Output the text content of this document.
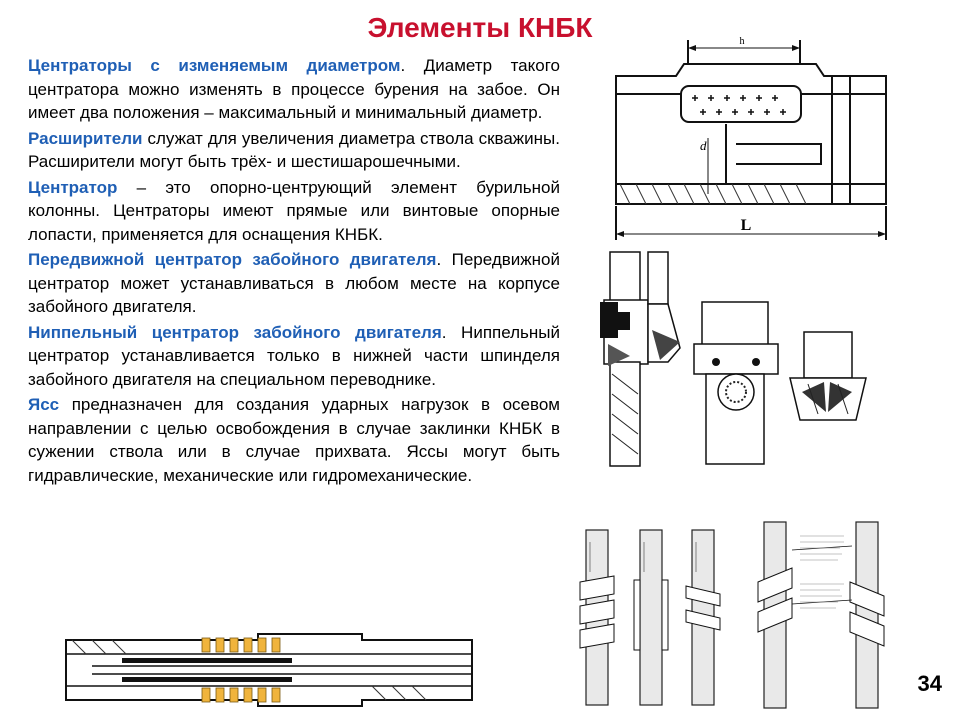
Элементы КНБК

Центраторы с изменяемым диаметром. Диаметр такого центратора можно изменять в процессе бурения на забое. Он имеет два положения – максимальный и минимальный диаметр.

Расширители служат для увеличения диаметра ствола скважины. Расширители могут быть трёх- и шестишарошечными.

Центратор – это опорно-центрующий элемент бурильной колонны. Центраторы имеют прямые или винтовые опорные лопасти, применяется для оснащения КНБК.

Передвижной центратор забойного двигателя. Передвижной центратор может устанавливаться в любом месте на корпусе забойного двигателя.

Ниппельный центратор забойного двигателя. Ниппельный центратор устанавливается только в нижней части шпинделя забойного двигателя на специальном переводнике.

Ясс предназначен для создания ударных нагрузок в осевом направлении с целью освобождения в случае заклинки КНБК в сужении ствола или в случае прихвата. Яссы могут быть гидравлические, механические или гидромеханические.

h
d
L
34
